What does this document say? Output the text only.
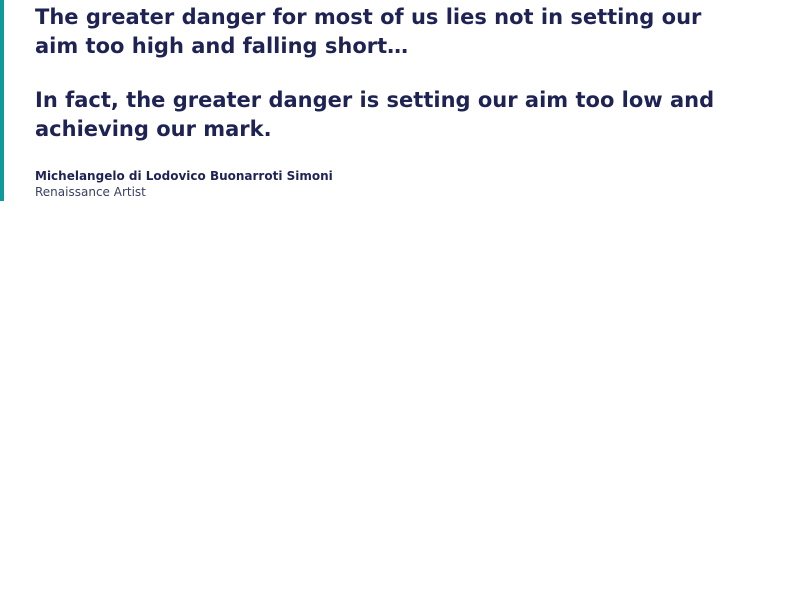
The greater danger for most of us lies not in setting our aim too high and falling short…

In fact, the greater danger is setting our aim too low and achieving our mark.

Michelangelo di Lodovico Buonarroti Simoni
Renaissance Artist
